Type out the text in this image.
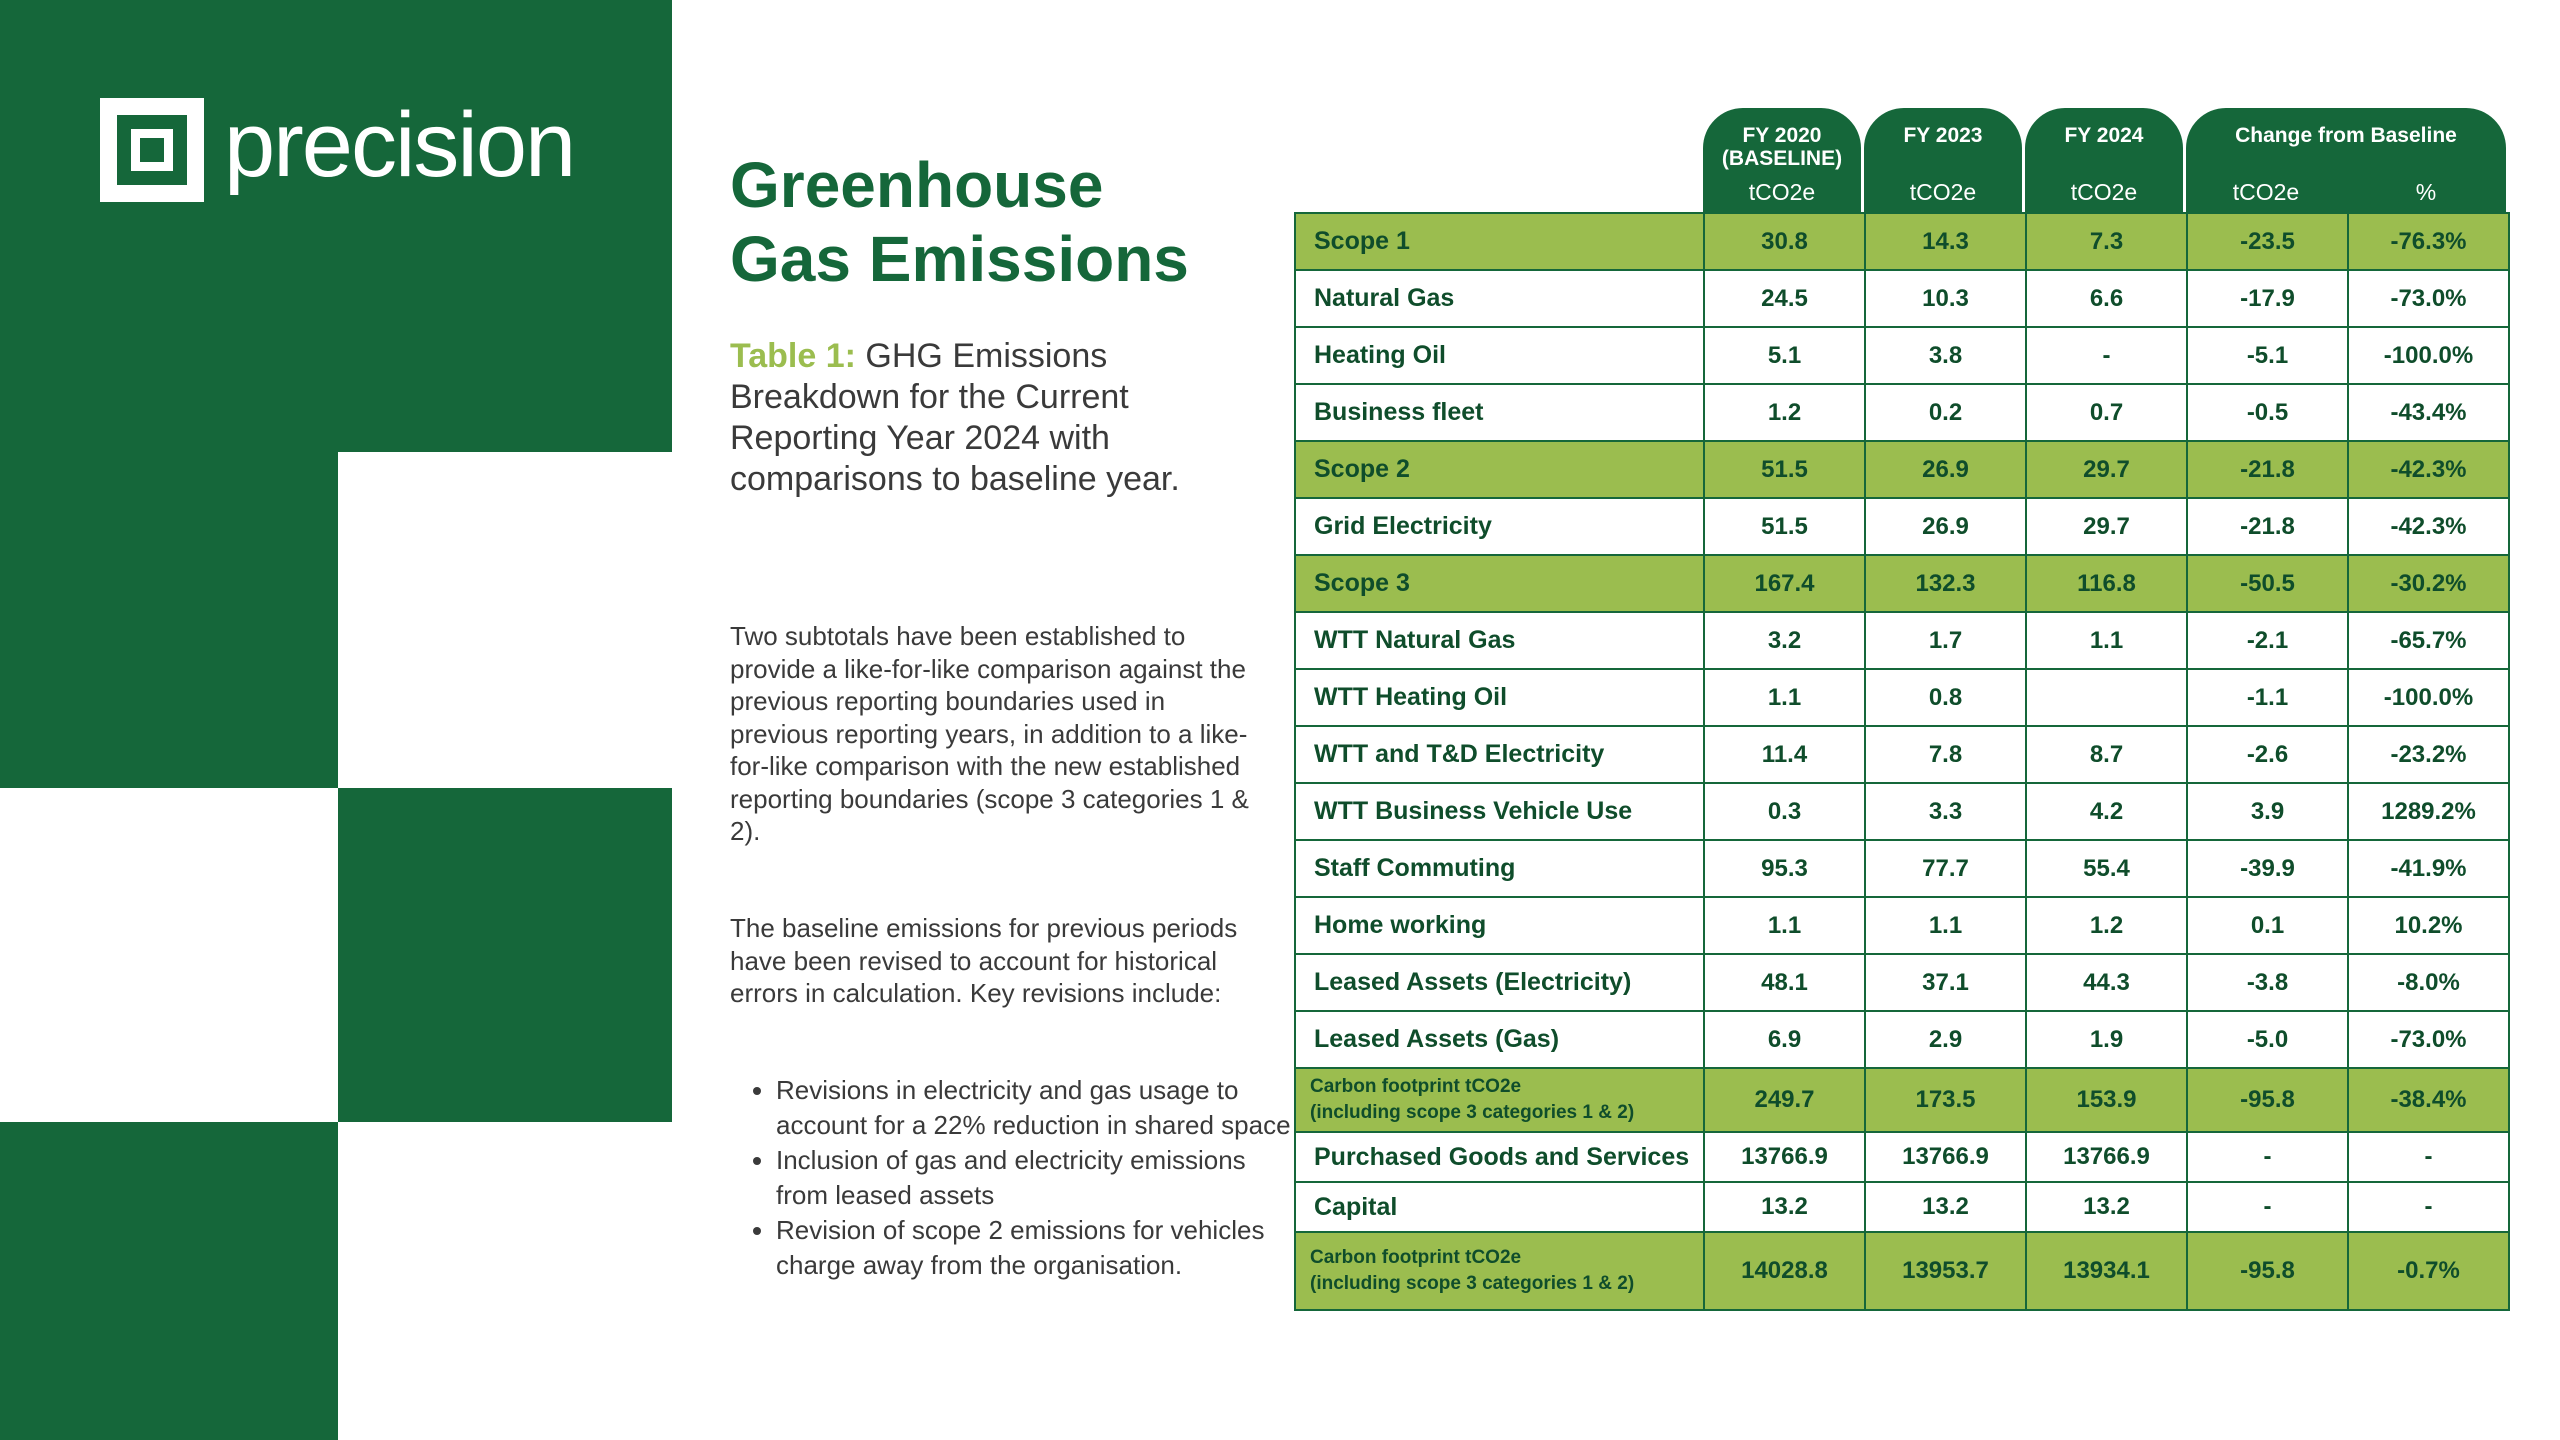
precision Greenhouse
Gas Emissions
Table 1: GHG Emissions Breakdown for the Current Reporting Year 2024 with comparisons to baseline year.
Two subtotals have been established to provide a like-for-like comparison against the previous reporting boundaries used in previous reporting years, in addition to a like-for-like comparison with the new established reporting boundaries (scope 3 categories 1 & 2).
The baseline emissions for previous periods have been revised to account for historical errors in calculation. Key revisions include:
• Revisions in electricity and gas usage to account for a 22% reduction in shared space
• Inclusion of gas and electricity emissions from leased assets
• Revision of scope 2 emissions for vehicles charge away from the organisation.
FY 2020 (BASELINE)
tCO2e
FY 2023
tCO2e
FY 2024
tCO2e
Change from Baseline
tCO2e	%
Scope 1	30.8	14.3	7.3	-23.5	-76.3%
Natural Gas	24.5	10.3	6.6	-17.9	-73.0%
Heating Oil	5.1	3.8	-	-5.1	-100.0%
Business fleet	1.2	0.2	0.7	-0.5	-43.4%
Scope 2	51.5	26.9	29.7	-21.8	-42.3%
Grid Electricity	51.5	26.9	29.7	-21.8	-42.3%
Scope 3	167.4	132.3	116.8	-50.5	-30.2%
WTT Natural Gas	3.2	1.7	1.1	-2.1	-65.7%
WTT Heating Oil	1.1	0.8		-1.1	-100.0%
WTT and T&D Electricity	11.4	7.8	8.7	-2.6	-23.2%
WTT Business Vehicle Use	0.3	3.3	4.2	3.9	1289.2%
Staff Commuting	95.3	77.7	55.4	-39.9	-41.9%
Home working	1.1	1.1	1.2	0.1	10.2%
Leased Assets (Electricity)	48.1	37.1	44.3	-3.8	-8.0%
Leased Assets (Gas)	6.9	2.9	1.9	-5.0	-73.0%

Carbon footprint tCO2e
(including scope 3 categories 1 & 2)	249.7	173.5	153.9	-95.8	-38.4%
Purchased Goods and Services	13766.9	13766.9	13766.9	-	-
Capital	13.2	13.2	13.2	-	-

Carbon footprint tCO2e
(including scope 3 categories 1 & 2)	14028.8	13953.7	13934.1	-95.8	-0.7%
